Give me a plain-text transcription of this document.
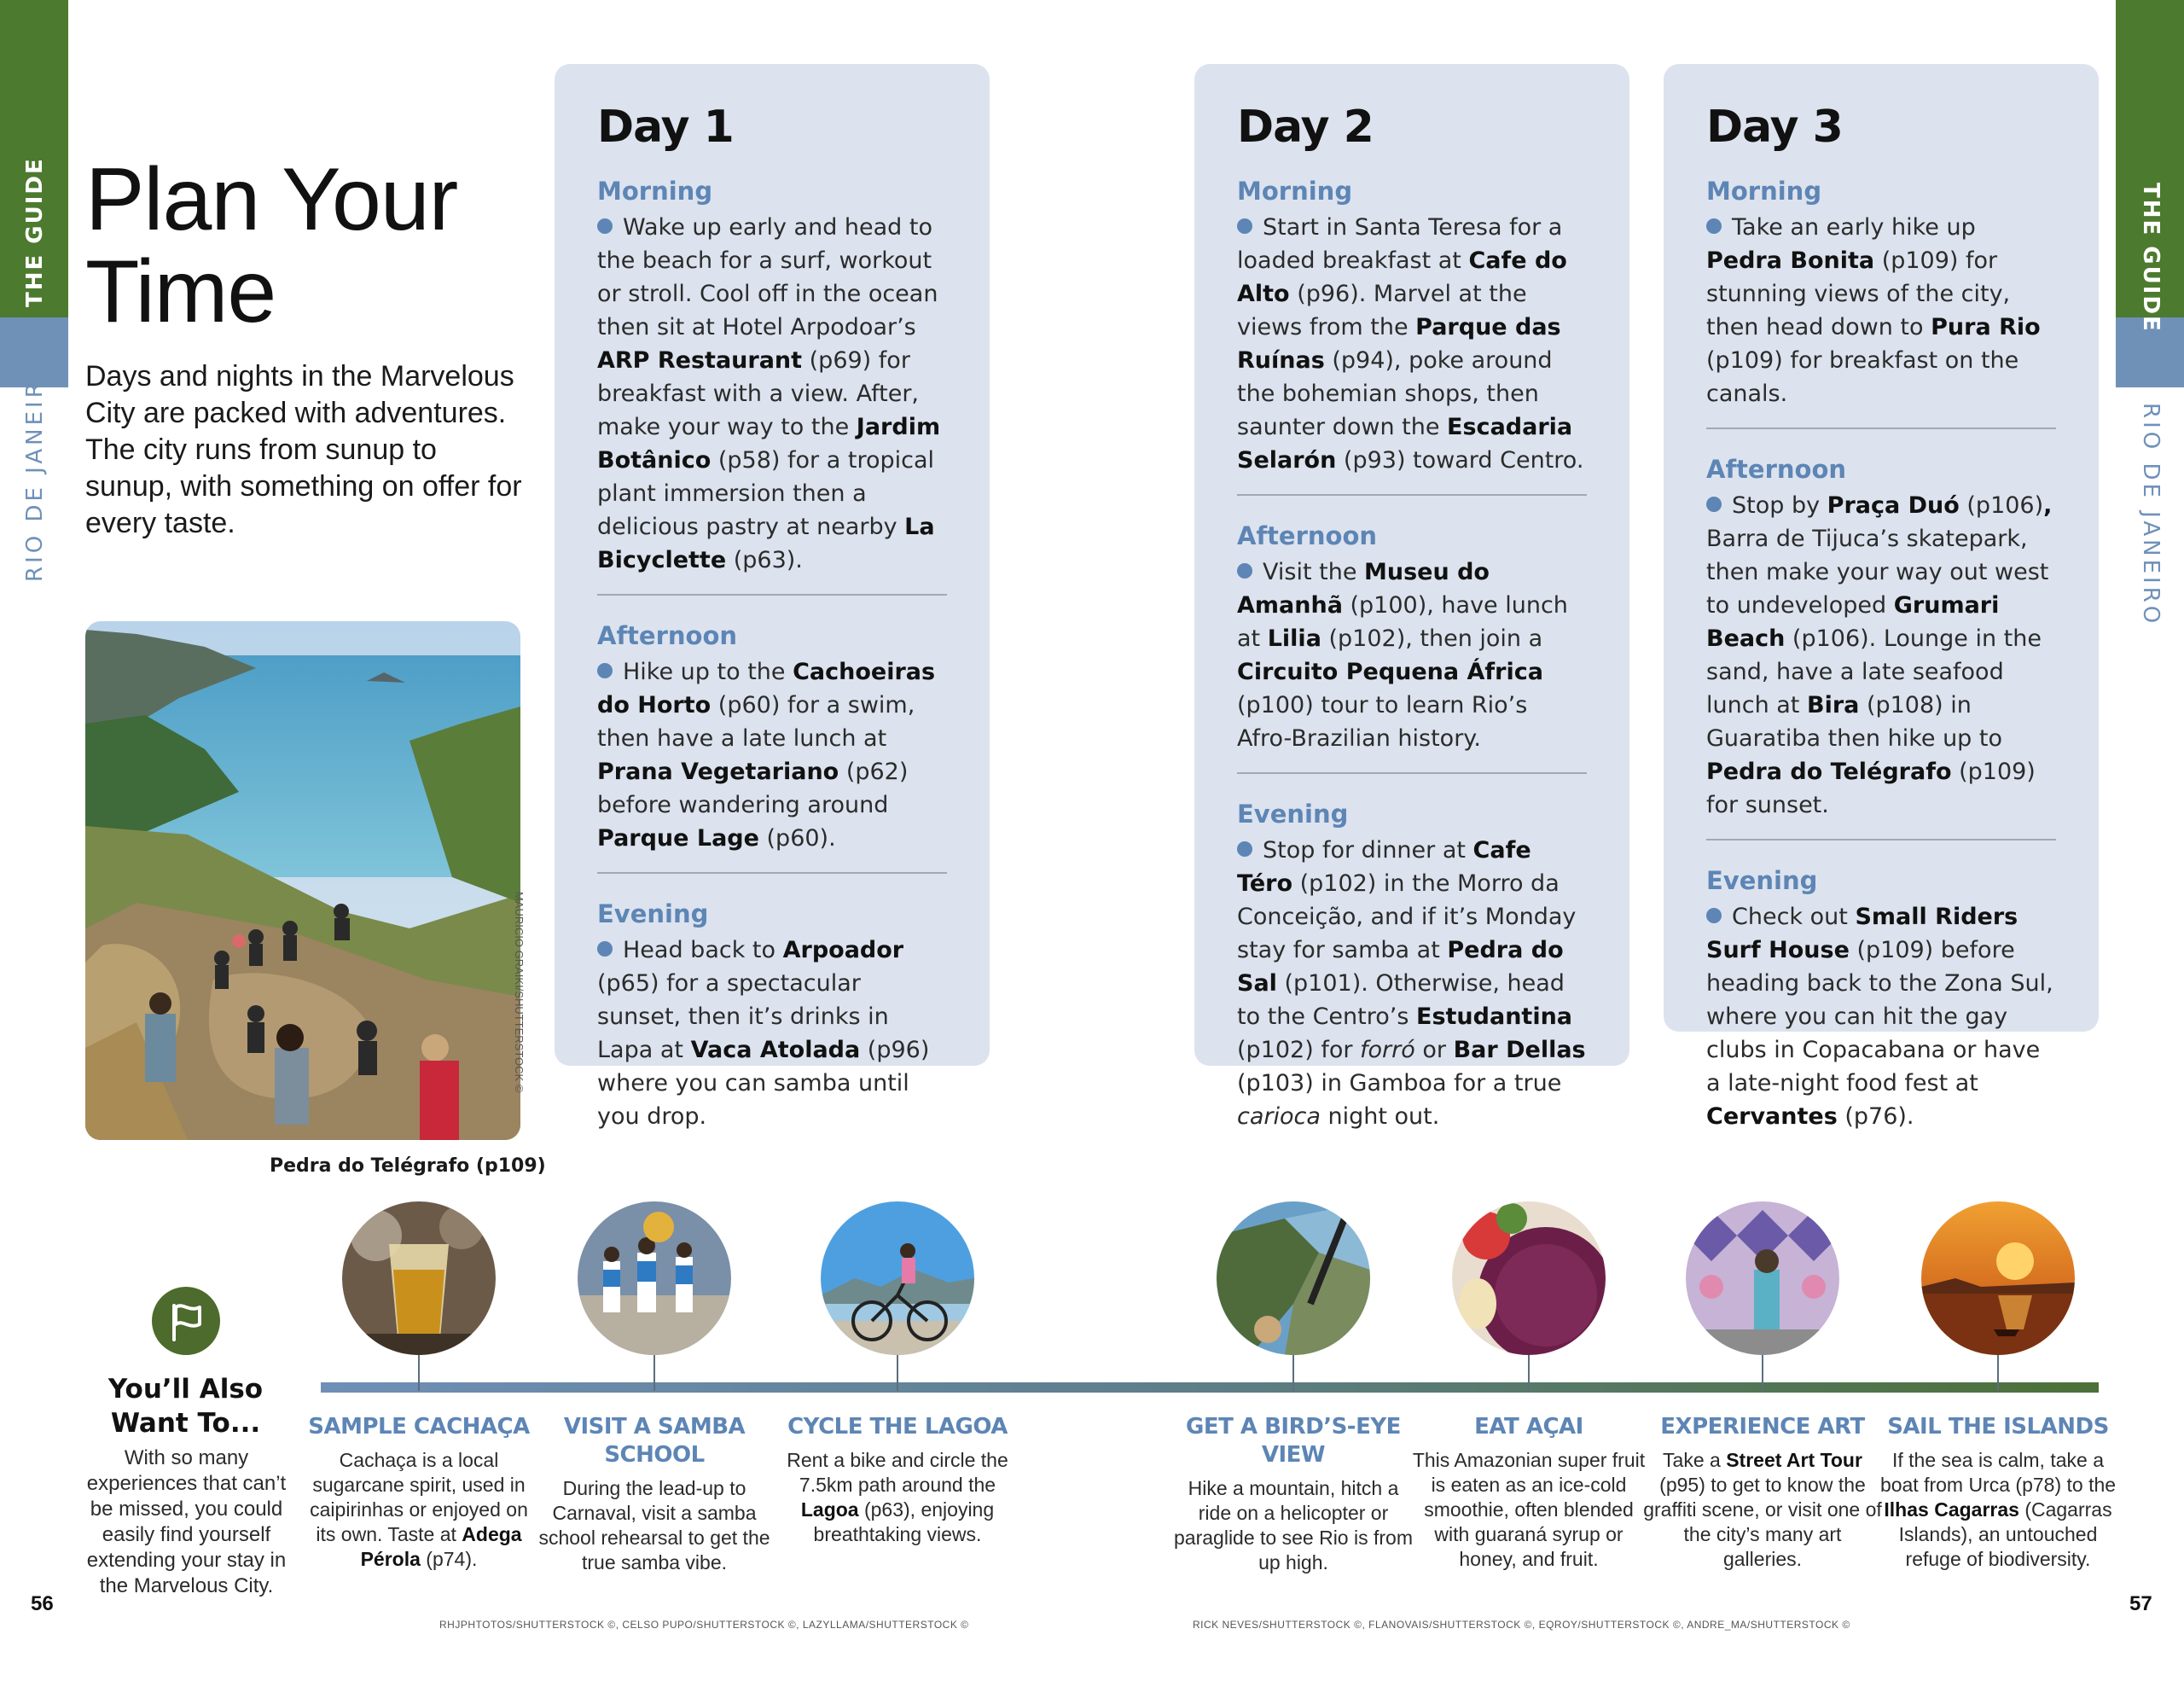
THE GUIDE
RIO DE JANEIRO
THE GUIDE
RIO DE JANEIRO
Plan Your
Time

Days and nights in the Marvelous City are packed with adventures. The city runs from sunup to sunup, with something on offer for every taste.

MAURICIO GRAIKI/SHUTTERSTOCK ©
Pedra do Telégrafo (p109)
Day 1
Morning

Wake up early and head to the beach for a surf, workout or stroll. Cool off in the ocean then sit at Hotel Arpodoar’s ARP Restaurant (p69) for breakfast with a view. After, make your way to the Jardim Botânico (p58) for a tropical plant immersion then a delicious pastry at nearby La Bicyclette (p63).

Afternoon

Hike up to the Cachoeiras do Horto (p60) for a swim, then have a late lunch at Prana Vegetariano (p62) before wandering around Parque Lage (p60).

Evening

Head back to Arpoador (p65) for a spectacular sunset, then it’s drinks in Lapa at Vaca Atolada (p96) where you can samba until you drop.

Day 2
Morning

Start in Santa Teresa for a loaded breakfast at Cafe do Alto (p96). Marvel at the views from the Parque das Ruínas (p94), poke around the bohemian shops, then saunter down the Escadaria Selarón (p93) toward Centro.

Afternoon

Visit the Museu do Amanhã (p100), have lunch at Lilia (p102), then join a Circuito Pequena África (p100) tour to learn Rio’s Afro-Brazilian history.

Evening

Stop for dinner at Cafe Téro (p102) in the Morro da Conceição, and if it’s Monday stay for samba at Pedra do Sal (p101). Otherwise, head to the Centro’s Estudantina (p102) for forró or Bar Dellas (p103) in Gamboa for a true carioca night out.

Day 3
Morning

Take an early hike up Pedra Bonita (p109) for stunning views of the city, then head down to Pura Rio (p109) for breakfast on the canals.

Afternoon

Stop by Praça Duó (p106), Barra de Tijuca’s skatepark, then make your way out west to undeveloped Grumari Beach (p106). Lounge in the sand, have a late seafood lunch at Bira (p108) in Guaratiba then hike up to Pedra do Telégrafo (p109) for sunset.

Evening

Check out Small Riders Surf House (p109) before heading back to the Zona Sul, where you can hit the gay clubs in Copacabana or have a late-night food fest at Cervantes (p76).

You’ll Also Want To...
With so many experiences that can’t be missed, you could easily find yourself extending your stay in the Marvelous City.
SAMPLE CACHAÇA
Cachaça is a local sugarcane spirit, used in caipirinhas or enjoyed on its own. Taste at Adega Pérola (p74).
VISIT A SAMBA SCHOOL
During the lead-up to Carnaval, visit a samba school rehearsal to get the true samba vibe.
CYCLE THE LAGOA
Rent a bike and circle the 7.5km path around the Lagoa (p63), enjoying breathtaking views.
GET A BIRD’S-EYE VIEW
Hike a mountain, hitch a ride on a helicopter or paraglide to see Rio is from up high.
EAT AÇAI
This Amazonian super fruit is eaten as an ice-cold smoothie, often blended with guaraná syrup or honey, and fruit.
EXPERIENCE ART
Take a Street Art Tour (p95) to get to know the graffiti scene, or visit one of the city’s many art galleries.
SAIL THE ISLANDS
If the sea is calm, take a boat from Urca (p78) to the Ilhas Cagarras (Cagarras Islands), an untouched refuge of biodiversity.
56	57
RHJPHTOTOS/SHUTTERSTOCK ©, CELSO PUPO/SHUTTERSTOCK ©, LAZYLLAMA/SHUTTERSTOCK ©	RICK NEVES/SHUTTERSTOCK ©, FLANOVAIS/SHUTTERSTOCK ©, EQROY/SHUTTERSTOCK ©, ANDRE_MA/SHUTTERSTOCK ©
